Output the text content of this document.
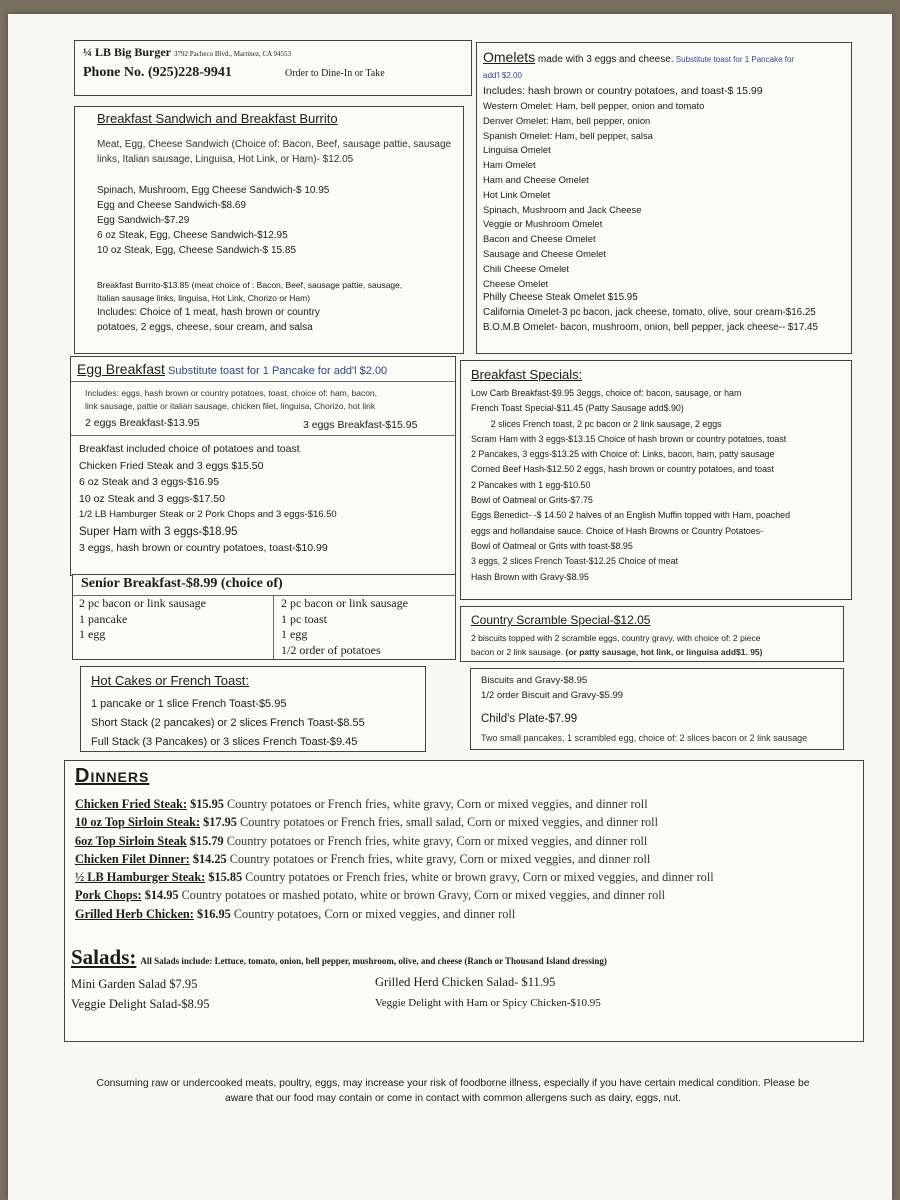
¼ LB Big Burger 3792 Pacheco Blvd., Martinez, CA 94553
Phone No. (925)228-9941	Order to Dine-In or Take
Breakfast Sandwich and Breakfast Burrito
Meat, Egg, Cheese Sandwich (Choice of: Bacon, Beef, sausage pattie, sausage
links, Italian sausage, Linguisa, Hot Link, or Ham)- $12.05
Spinach, Mushroom, Egg Cheese Sandwich-$ 10.95
Egg and Cheese Sandwich-$8.69
Egg Sandwich-$7.29
6 oz Steak, Egg, Cheese Sandwich-$12.95
10 oz Steak, Egg, Cheese Sandwich-$ 15.85
Breakfast Burrito-$13.85 (meat choice of : Bacon, Beef, sausage pattie, sausage,
Italian sausage links, linguisa, Hot Link, Chorizo or Ham)
Includes: Choice of 1 meat, hash brown or country
potatoes, 2 eggs, cheese, sour cream, and salsa
Omelets made with 3 eggs and cheese. Substitute toast for 1 Pancake for
add'l $2.00
Includes: hash brown or country potatoes, and toast-$ 15.99
Western Omelet: Ham, bell pepper, onion and tomato
Denver Omelet: Ham, bell pepper, onion
Spanish Omelet: Ham, bell pepper, salsa
Linguisa Omelet
Ham Omelet
Ham and Cheese Omelet
Hot Link Omelet
Spinach, Mushroom and Jack Cheese
Veggie or Mushroom Omelet
Bacon and Cheese Omelet
Sausage and Cheese Omelet
Chili Cheese Omelet
Cheese Omelet
Philly Cheese Steak Omelet $15.95
California Omelet-3 pc bacon, jack cheese, tomato, olive, sour cream-$16.25
B.O.M.B Omelet- bacon, mushroom, onion, bell pepper, jack cheese-- $17.45
Egg Breakfast Substitute toast for 1 Pancake for add'l $2.00
Includes: eggs, hash brown or country potatoes, toast, choice of: ham, bacon,
link sausage, pattie or italian sausage, chicken filet, linguisa, Chorizo, hot link
2 eggs Breakfast-$13.95	3 eggs Breakfast-$15.95
Breakfast included choice of potatoes and toast
Chicken Fried Steak and 3 eggs $15.50
6 oz Steak and 3 eggs-$16.95
10 oz Steak and 3 eggs-$17.50
1/2 LB Hamburger Steak or 2 Pork Chops and 3 eggs-$16.50
Super Ham with 3 eggs-$18.95
3 eggs, hash brown or country potatoes, toast-$10.99
Breakfast Specials:
Low Carb Breakfast-$9.95 3eggs, choice of: bacon, sausage, or ham
French Toast Special-$11.45 (Patty Sausage add$.90)
2 slices French toast, 2 pc bacon or 2 link sausage, 2 eggs
Scram Ham with 3 eggs-$13.15 Choice of hash brown or country potatoes, toast
2 Pancakes, 3 eggs-$13.25 with Choice of: Links, bacon, ham, patty sausage
Corned Beef Hash-$12.50 2 eggs, hash brown or country potatoes, and toast
2 Pancakes with 1 egg-$10.50
Bowl of Oatmeal or Grits-$7.75
Eggs Benedict- -$ 14.50 2 halves of an English Muffin topped with Ham, poached
eggs and hollandaise sauce. Choice of Hash Browns or Country Potatoes-
Bowl of Oatmeal or Grits with toast-$8.95
3 eggs, 2 slices French Toast-$12.25 Choice of meat
Hash Brown with Gravy-$8.95
Senior Breakfast-$8.99 (choice of)
2 pc bacon or link sausage
1 pancake
1 egg
2 pc bacon or link sausage
1 pc toast
1 egg
1/2 order of potatoes
Country Scramble Special-$12.05
2 biscuits topped with 2 scramble eggs, country gravy, with choice of: 2 piece
bacon or 2 link sausage. (or patty sausage, hot link, or linguisa add$1. 95)
Hot Cakes or French Toast:
1 pancake or 1 slice French Toast-$5.95
Short Stack (2 pancakes) or 2 slices French Toast-$8.55
Full Stack (3 Pancakes) or 3 slices French Toast-$9.45
Biscuits and Gravy-$8.95
1/2 order Biscuit and Gravy-$5.99
Child's Plate-$7.99
Two small pancakes, 1 scrambled egg, choice of: 2 slices bacon or 2 link sausage
Dinners
Chicken Fried Steak: $15.95 Country potatoes or French fries, white gravy, Corn or mixed veggies, and dinner roll
10 oz Top Sirloin Steak: $17.95 Country potatoes or French fries, small salad, Corn or mixed veggies, and dinner roll
6oz Top Sirloin Steak $15.79 Country potatoes or French fries, white gravy, Corn or mixed veggies, and dinner roll
Chicken Filet Dinner: $14.25 Country potatoes or French fries, white gravy, Corn or mixed veggies, and dinner roll
½ LB Hamburger Steak: $15.85 Country potatoes or French fries, white or brown gravy, Corn or mixed veggies, and dinner roll
Pork Chops: $14.95 Country potatoes or mashed potato, white or brown Gravy, Corn or mixed veggies, and dinner roll
Grilled Herb Chicken: $16.95 Country potatoes, Corn or mixed veggies, and dinner roll
Salads: All Salads include: Lettuce, tomato, onion, bell pepper, mushroom, olive, and cheese (Ranch or Thousand Island dressing)
Mini Garden Salad $7.95
Veggie Delight Salad-$8.95
Grilled Herd Chicken Salad- $11.95
Veggie Delight with Ham or Spicy Chicken-$10.95
Consuming raw or undercooked meats, poultry, eggs, may increase your risk of foodborne illness, especially if you have certain medical condition. Please be
aware that our food may contain or come in contact with common allergens such as dairy, eggs, nut.
